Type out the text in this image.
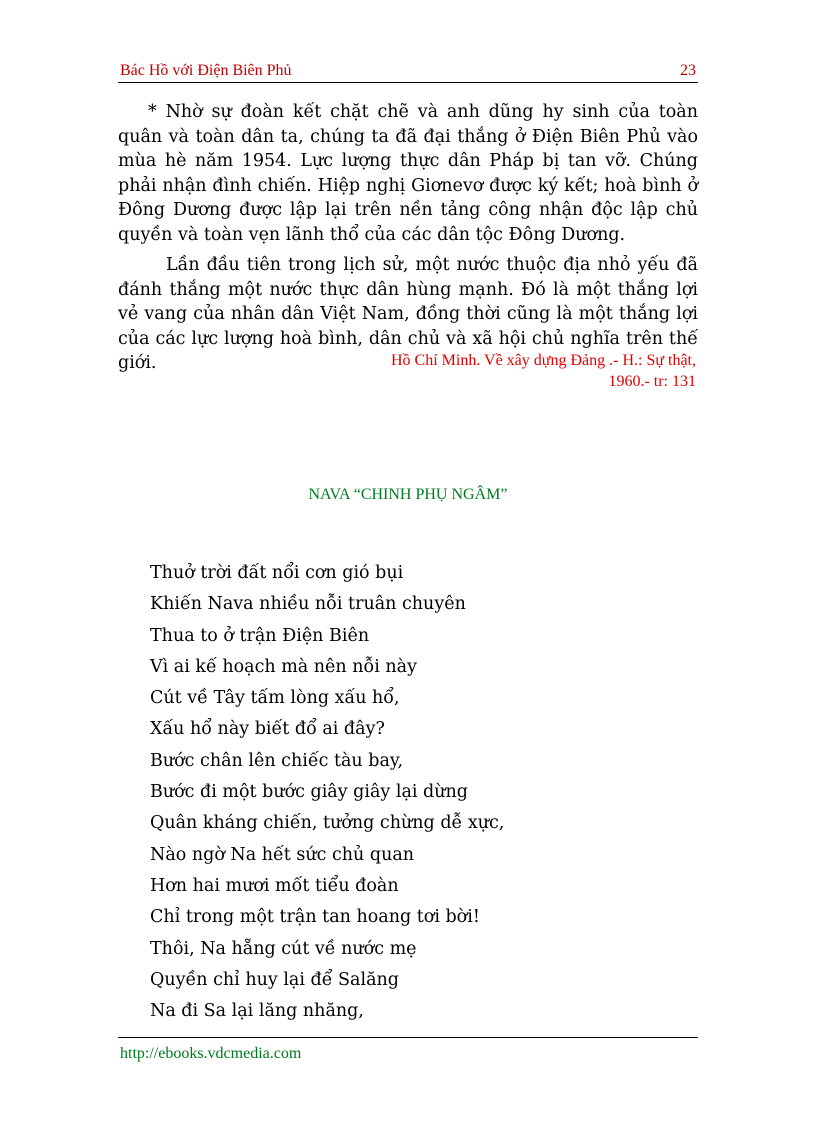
Bác Hồ với Điện Biên Phủ	23

* Nhờ sự đoàn kết chặt chẽ và anh dũng hy sinh của toàn quân và toàn dân ta, chúng ta đã đại thắng ở Điện Biên Phủ vào mùa hè năm 1954. Lực lượng thực dân Pháp bị tan vỡ. Chúng phải nhận đình chiến. Hiệp nghị Giơnevơ được ký kết; hoà bình ở Đông Dương được lập lại trên nền tảng công nhận độc lập chủ quyền và toàn vẹn lãnh thổ của các dân tộc Đông Dương.

Lần đầu tiên trong lịch sử, một nước thuộc địa nhỏ yếu đã đánh thắng một nước thực dân hùng mạnh. Đó là một thắng lợi vẻ vang của nhân dân Việt Nam, đồng thời cũng là một thắng lợi của các lực lượng hoà bình, dân chủ và xã hội chủ nghĩa trên thế giới.	Hồ Chí Minh. Về xây dựng Đảng .- H.: Sự thật,
1960.- tr: 131
NAVA “CHINH PHỤ NGÂM”
Thuở trời đất nổi cơn gió bụi
Khiến Nava nhiều nỗi truân chuyên
Thua to ở trận Điện Biên
Vì ai kế hoạch mà nên nỗi này
Cút về Tây tấm lòng xấu hổ,
Xấu hổ này biết đổ ai đây?
Bước chân lên chiếc tàu bay,
Bước đi một bước giây giây lại dừng
Quân kháng chiến, tưởng chừng dễ xực,
Nào ngờ Na hết sức chủ quan
Hơn hai mươi mốt tiểu đoàn
Chỉ trong một trận tan hoang tơi bời!
Thôi, Na hẵng cút về nước mẹ
Quyền chỉ huy lại để Salăng
Na đi Sa lại lăng nhăng,
http://ebooks.vdcmedia.com
